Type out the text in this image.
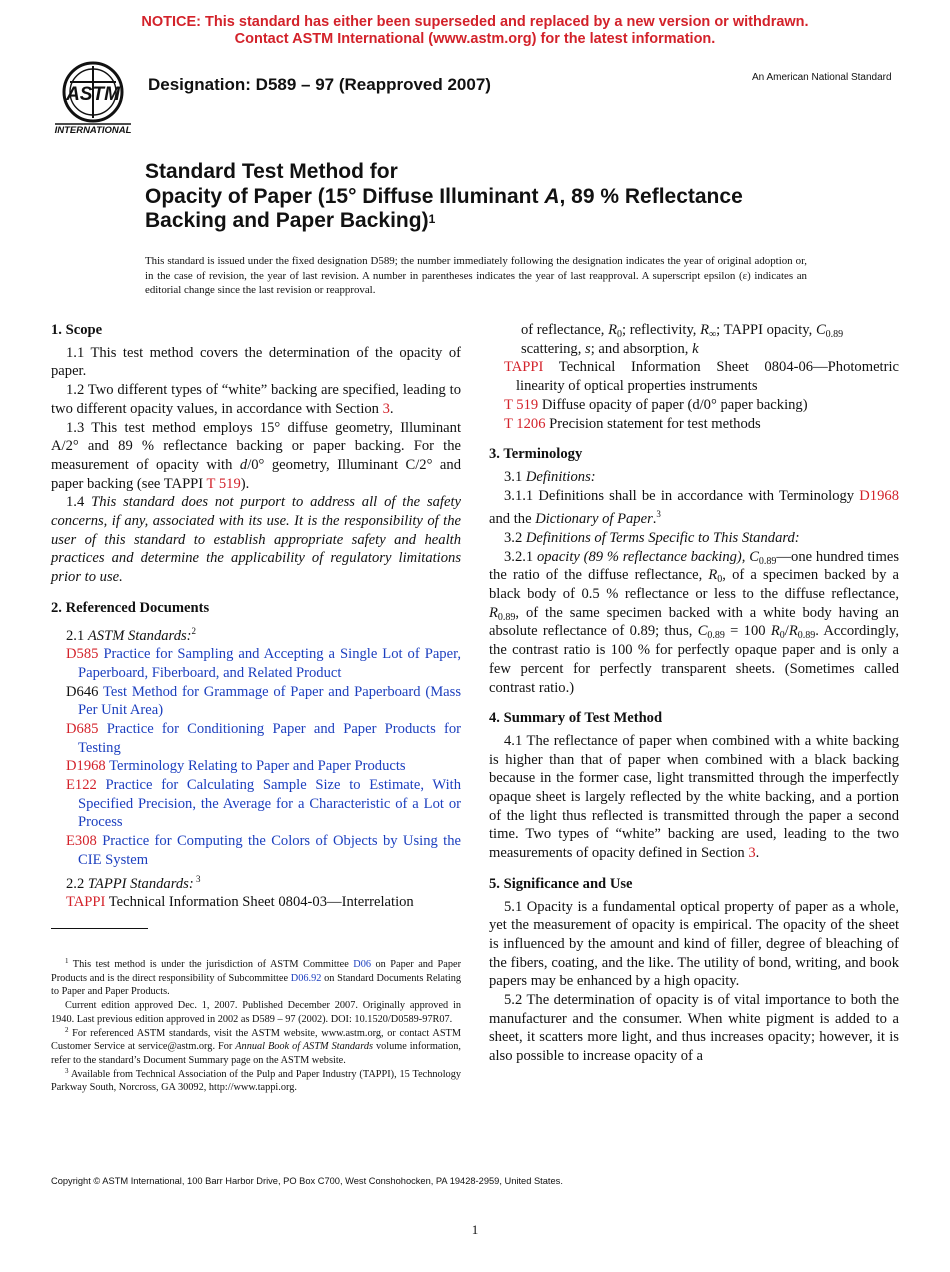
NOTICE: This standard has either been superseded and replaced by a new version or withdrawn.
Contact ASTM International (www.astm.org) for the latest information.
ASTM
INTERNATIONAL
Designation: D589 – 97 (Reapproved 2007)	An American National Standard
Standard Test Method for
Opacity of Paper (15° Diffuse Illuminant A, 89 % Reflectance
Backing and Paper Backing)$^1$
This standard is issued under the fixed designation D589; the number immediately following the designation indicates the year of original adoption or, in the case of revision, the year of last revision. A number in parentheses indicates the year of last reapproval. A superscript epsilon (ε) indicates an editorial change since the last revision or reapproval.
1. Scope

1.1 This test method covers the determination of the opacity of paper.

1.2 Two different types of “white” backing are specified, leading to two different opacity values, in accordance with Section 3.

1.3 This test method employs 15° diffuse geometry, Illuminant A/2° and 89 % reflectance backing or paper backing. For the measurement of opacity with d/0° geometry, Illuminant C/2° and paper backing (see TAPPI T 519).

1.4 This standard does not purport to address all of the safety concerns, if any, associated with its use. It is the responsibility of the user of this standard to establish appropriate safety and health practices and determine the applicability of regulatory limitations prior to use.

2. Referenced Documents

2.1 ASTM Standards:$^2$

D585 Practice for Sampling and Accepting a Single Lot of Paper, Paperboard, Fiberboard, and Related Product

D646 Test Method for Grammage of Paper and Paperboard (Mass Per Unit Area)

D685 Practice for Conditioning Paper and Paper Products for Testing

D1968 Terminology Relating to Paper and Paper Products

E122 Practice for Calculating Sample Size to Estimate, With Specified Precision, the Average for a Characteristic of a Lot or Process

E308 Practice for Computing the Colors of Objects by Using the CIE System

2.2 TAPPI Standards: $^3$

TAPPI Technical Information Sheet 0804-03—Interrelation

$^1$ This test method is under the jurisdiction of ASTM Committee D06 on Paper and Paper Products and is the direct responsibility of Subcommittee D06.92 on Standard Documents Relating to Paper and Paper Products.

Current edition approved Dec. 1, 2007. Published December 2007. Originally approved in 1940. Last previous edition approved in 2002 as D589 – 97 (2002). DOI: 10.1520/D0589-97R07.

$^2$ For referenced ASTM standards, visit the ASTM website, www.astm.org, or contact ASTM Customer Service at service@astm.org. For Annual Book of ASTM Standards volume information, refer to the standard’s Document Summary page on the ASTM website.

$^3$ Available from Technical Association of the Pulp and Paper Industry (TAPPI), 15 Technology Parkway South, Norcross, GA 30092, http://www.tappi.org.

of reflectance, $R_0$; reflectivity, $R_\infty$; TAPPI opacity, $C_{0.89}$
scattering, s; and absorption, k

TAPPI Technical Information Sheet 0804-06—Photometric linearity of optical properties instruments

T 519 Diffuse opacity of paper (d/0° paper backing)

T 1206 Precision statement for test methods

3. Terminology

3.1 Definitions:

3.1.1 Definitions shall be in accordance with Terminology D1968 and the Dictionary of Paper.$^3$

3.2 Definitions of Terms Specific to This Standard:

3.2.1 opacity (89 % reflectance backing), $C_{0.89}—one$ hundred times the ratio of the diffuse reflectance, $R_0$, of a specimen backed by a black body of 0.5 % reflectance or less to the diffuse reflectance, $R_{0.89}$, of the same specimen backed with a white body having an absolute reflectance of 0.89; thus, $C_{0.89} = 100$ $R_0/R_{0.89}$. Accordingly, the contrast ratio is 100 % for perfectly opaque paper and is only a few percent for perfectly transparent sheets. (Sometimes called contrast ratio.)

4. Summary of Test Method

4.1 The reflectance of paper when combined with a white backing is higher than that of paper when combined with a black backing because in the former case, light transmitted through the imperfectly opaque sheet is largely reflected by the white backing, and a portion of the light thus reflected is transmitted through the paper a second time. Two types of “white” backing are used, leading to the two measurements of opacity defined in Section 3.

5. Significance and Use

5.1 Opacity is a fundamental optical property of paper as a whole, yet the measurement of opacity is empirical. The opacity of the sheet is influenced by the amount and kind of filler, degree of bleaching of the fibers, coating, and the like. The utility of bond, writing, and book papers may be enhanced by a high opacity.

5.2 The determination of opacity is of vital importance to both the manufacturer and the consumer. When white pigment is added to a sheet, it scatters more light, and thus increases opacity; however, it is also possible to increase opacity of a

Copyright © ASTM International, 100 Barr Harbor Drive, PO Box C700, West Conshohocken, PA 19428-2959, United States.
1
